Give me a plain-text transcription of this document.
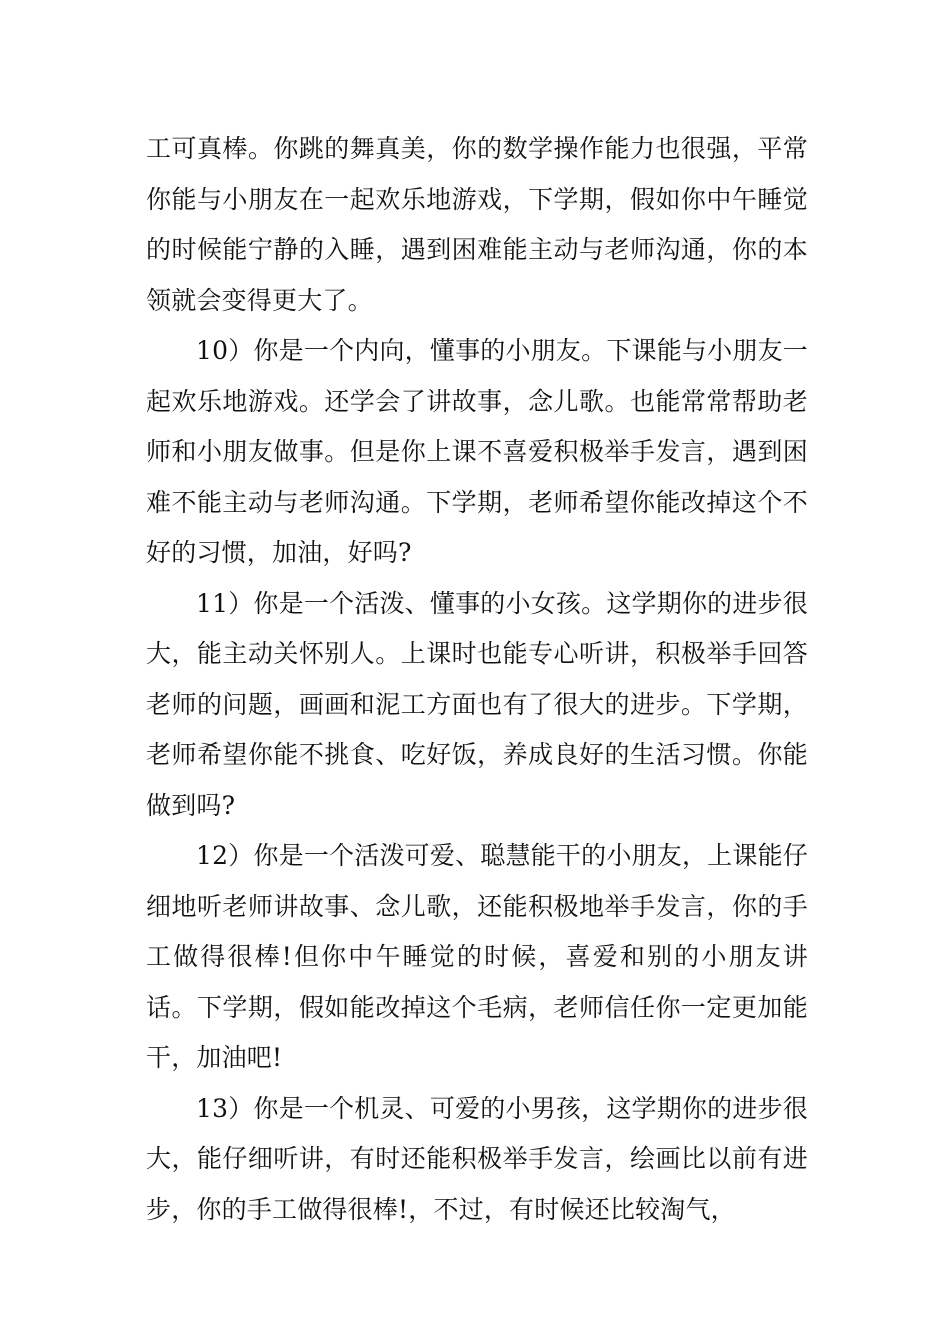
工可真棒。你跳的舞真美，你的数学操作能力也很强，平常你能与小朋友在一起欢乐地游戏，下学期，假如你中午睡觉的时候能宁静的入睡，遇到困难能主动与老师沟通，你的本领就会变得更大了。

10）你是一个内向，懂事的小朋友。下课能与小朋友一起欢乐地游戏。还学会了讲故事，念儿歌。也能常常帮助老师和小朋友做事。但是你上课不喜爱积极举手发言，遇到困难不能主动与老师沟通。下学期，老师希望你能改掉这个不好的习惯，加油，好吗?

11）你是一个活泼、懂事的小女孩。这学期你的进步很大，能主动关怀别人。上课时也能专心听讲，积极举手回答老师的问题，画画和泥工方面也有了很大的进步。下学期，老师希望你能不挑食、吃好饭，养成良好的生活习惯。你能做到吗?

12）你是一个活泼可爱、聪慧能干的小朋友，上课能仔细地听老师讲故事、念儿歌，还能积极地举手发言，你的手工做得很棒!但你中午睡觉的时候，喜爱和别的小朋友讲话。下学期，假如能改掉这个毛病，老师信任你一定更加能干，加油吧!

13）你是一个机灵、可爱的小男孩，这学期你的进步很大，能仔细听讲，有时还能积极举手发言，绘画比以前有进步，你的手工做得很棒!，不过，有时候还比较淘气，
